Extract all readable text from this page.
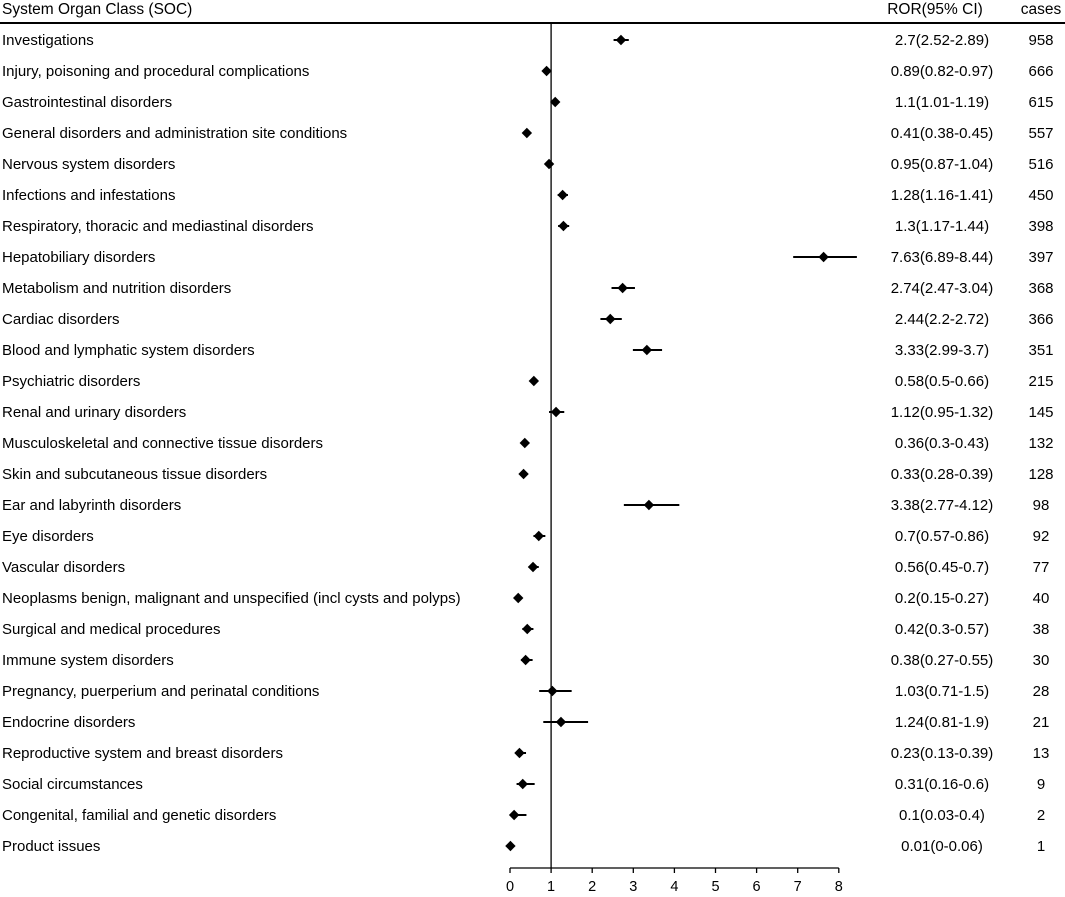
System Organ Class (SOC)	ROR(95% CI) cases
Investigations	2.7(2.52-2.89)	958
Injury, poisoning and procedural complications	0.89(0.82-0.97) 666
Gastrointestinal disorders	1.1(1.01-1.19)	615
General disorders and administration site conditions	0.41(0.38-0.45) 557
Nervous system disorders	0.95(0.87-1.04) 516
Infections and infestations	1.28(1.16-1.41) 450
Respiratory, thoracic and mediastinal disorders	1.3(1.17-1.44)	398
Hepatobiliary disorders	7.63(6.89-8.44) 397
Metabolism and nutrition disorders	2.74(2.47-3.04) 368
Cardiac disorders	2.44(2.2-2.72)	366
Blood and lymphatic system disorders	3.33(2.99-3.7)	351
Psychiatric disorders	0.58(0.5-0.66)	215
Renal and urinary disorders	1.12(0.95-1.32) 145
Musculoskeletal and connective tissue disorders	0.36(0.3-0.43)	132
Skin and subcutaneous tissue disorders	0.33(0.28-0.39) 128
Ear and labyrinth disorders	3.38(2.77-4.12)	98
Eye disorders	0.7(0.57-0.86)	92
Vascular disorders	0.56(0.45-0.7)	77
Neoplasms benign, malignant and unspecified (incl cysts and polyps)	0.2(0.15-0.27)	40
Surgical and medical procedures	0.42(0.3-0.57)	38
Immune system disorders	0.38(0.27-0.55)	30
Pregnancy, puerperium and perinatal conditions	1.03(0.71-1.5)	28
Endocrine disorders	1.24(0.81-1.9)	21
Reproductive system and breast disorders	0.23(0.13-0.39)	13
Social circumstances	0.31(0.16-0.6)	9
Congenital, familial and genetic disorders	0.1(0.03-0.4)	2
Product issues	0.01(0-0.06)	1
0 1 2 3 4 5 6 7 8
